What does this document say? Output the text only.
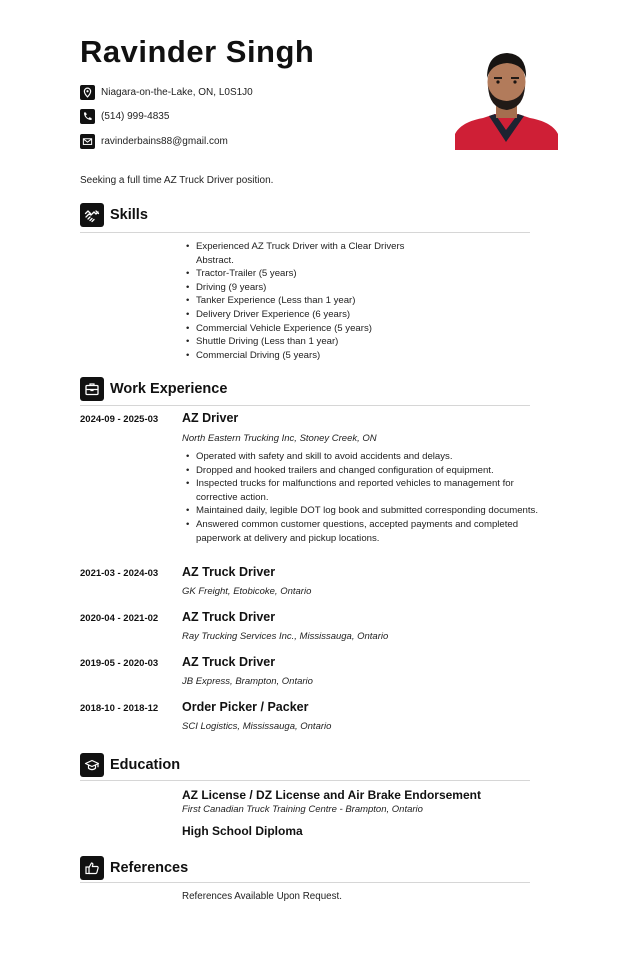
Ravinder Singh
Niagara-on-the-Lake, ON, L0S1J0
(514) 999-4835
ravinderbains88@gmail.com
Seeking a full time AZ Truck Driver position.
Skills
• Experienced AZ Truck Driver with a Clear Drivers Abstract.
• Tractor-Trailer (5 years)
• Driving (9 years)
• Tanker Experience (Less than 1 year)
• Delivery Driver Experience (6 years)
• Commercial Vehicle Experience (5 years)
• Shuttle Driving (Less than 1 year)
• Commercial Driving (5 years)
Work Experience
2024-09 - 2025-03 AZ Driver
North Eastern Trucking Inc, Stoney Creek, ON
• Operated with safety and skill to avoid accidents and delays.
• Dropped and hooked trailers and changed configuration of equipment.
• Inspected trucks for malfunctions and reported vehicles to management for corrective action.
• Maintained daily, legible DOT log book and submitted corresponding documents.
• Answered common customer questions, accepted payments and completed paperwork at delivery and pickup locations.
2021-03 - 2024-03 AZ Truck Driver
GK Freight, Etobicoke, Ontario
2020-04 - 2021-02 AZ Truck Driver
Ray Trucking Services Inc., Mississauga, Ontario
2019-05 - 2020-03 AZ Truck Driver
JB Express, Brampton, Ontario
2018-10 - 2018-12 Order Picker / Packer
SCI Logistics, Mississauga, Ontario
Education
AZ License / DZ License and Air Brake Endorsement
First Canadian Truck Training Centre - Brampton, Ontario
High School Diploma
References
References Available Upon Request.
